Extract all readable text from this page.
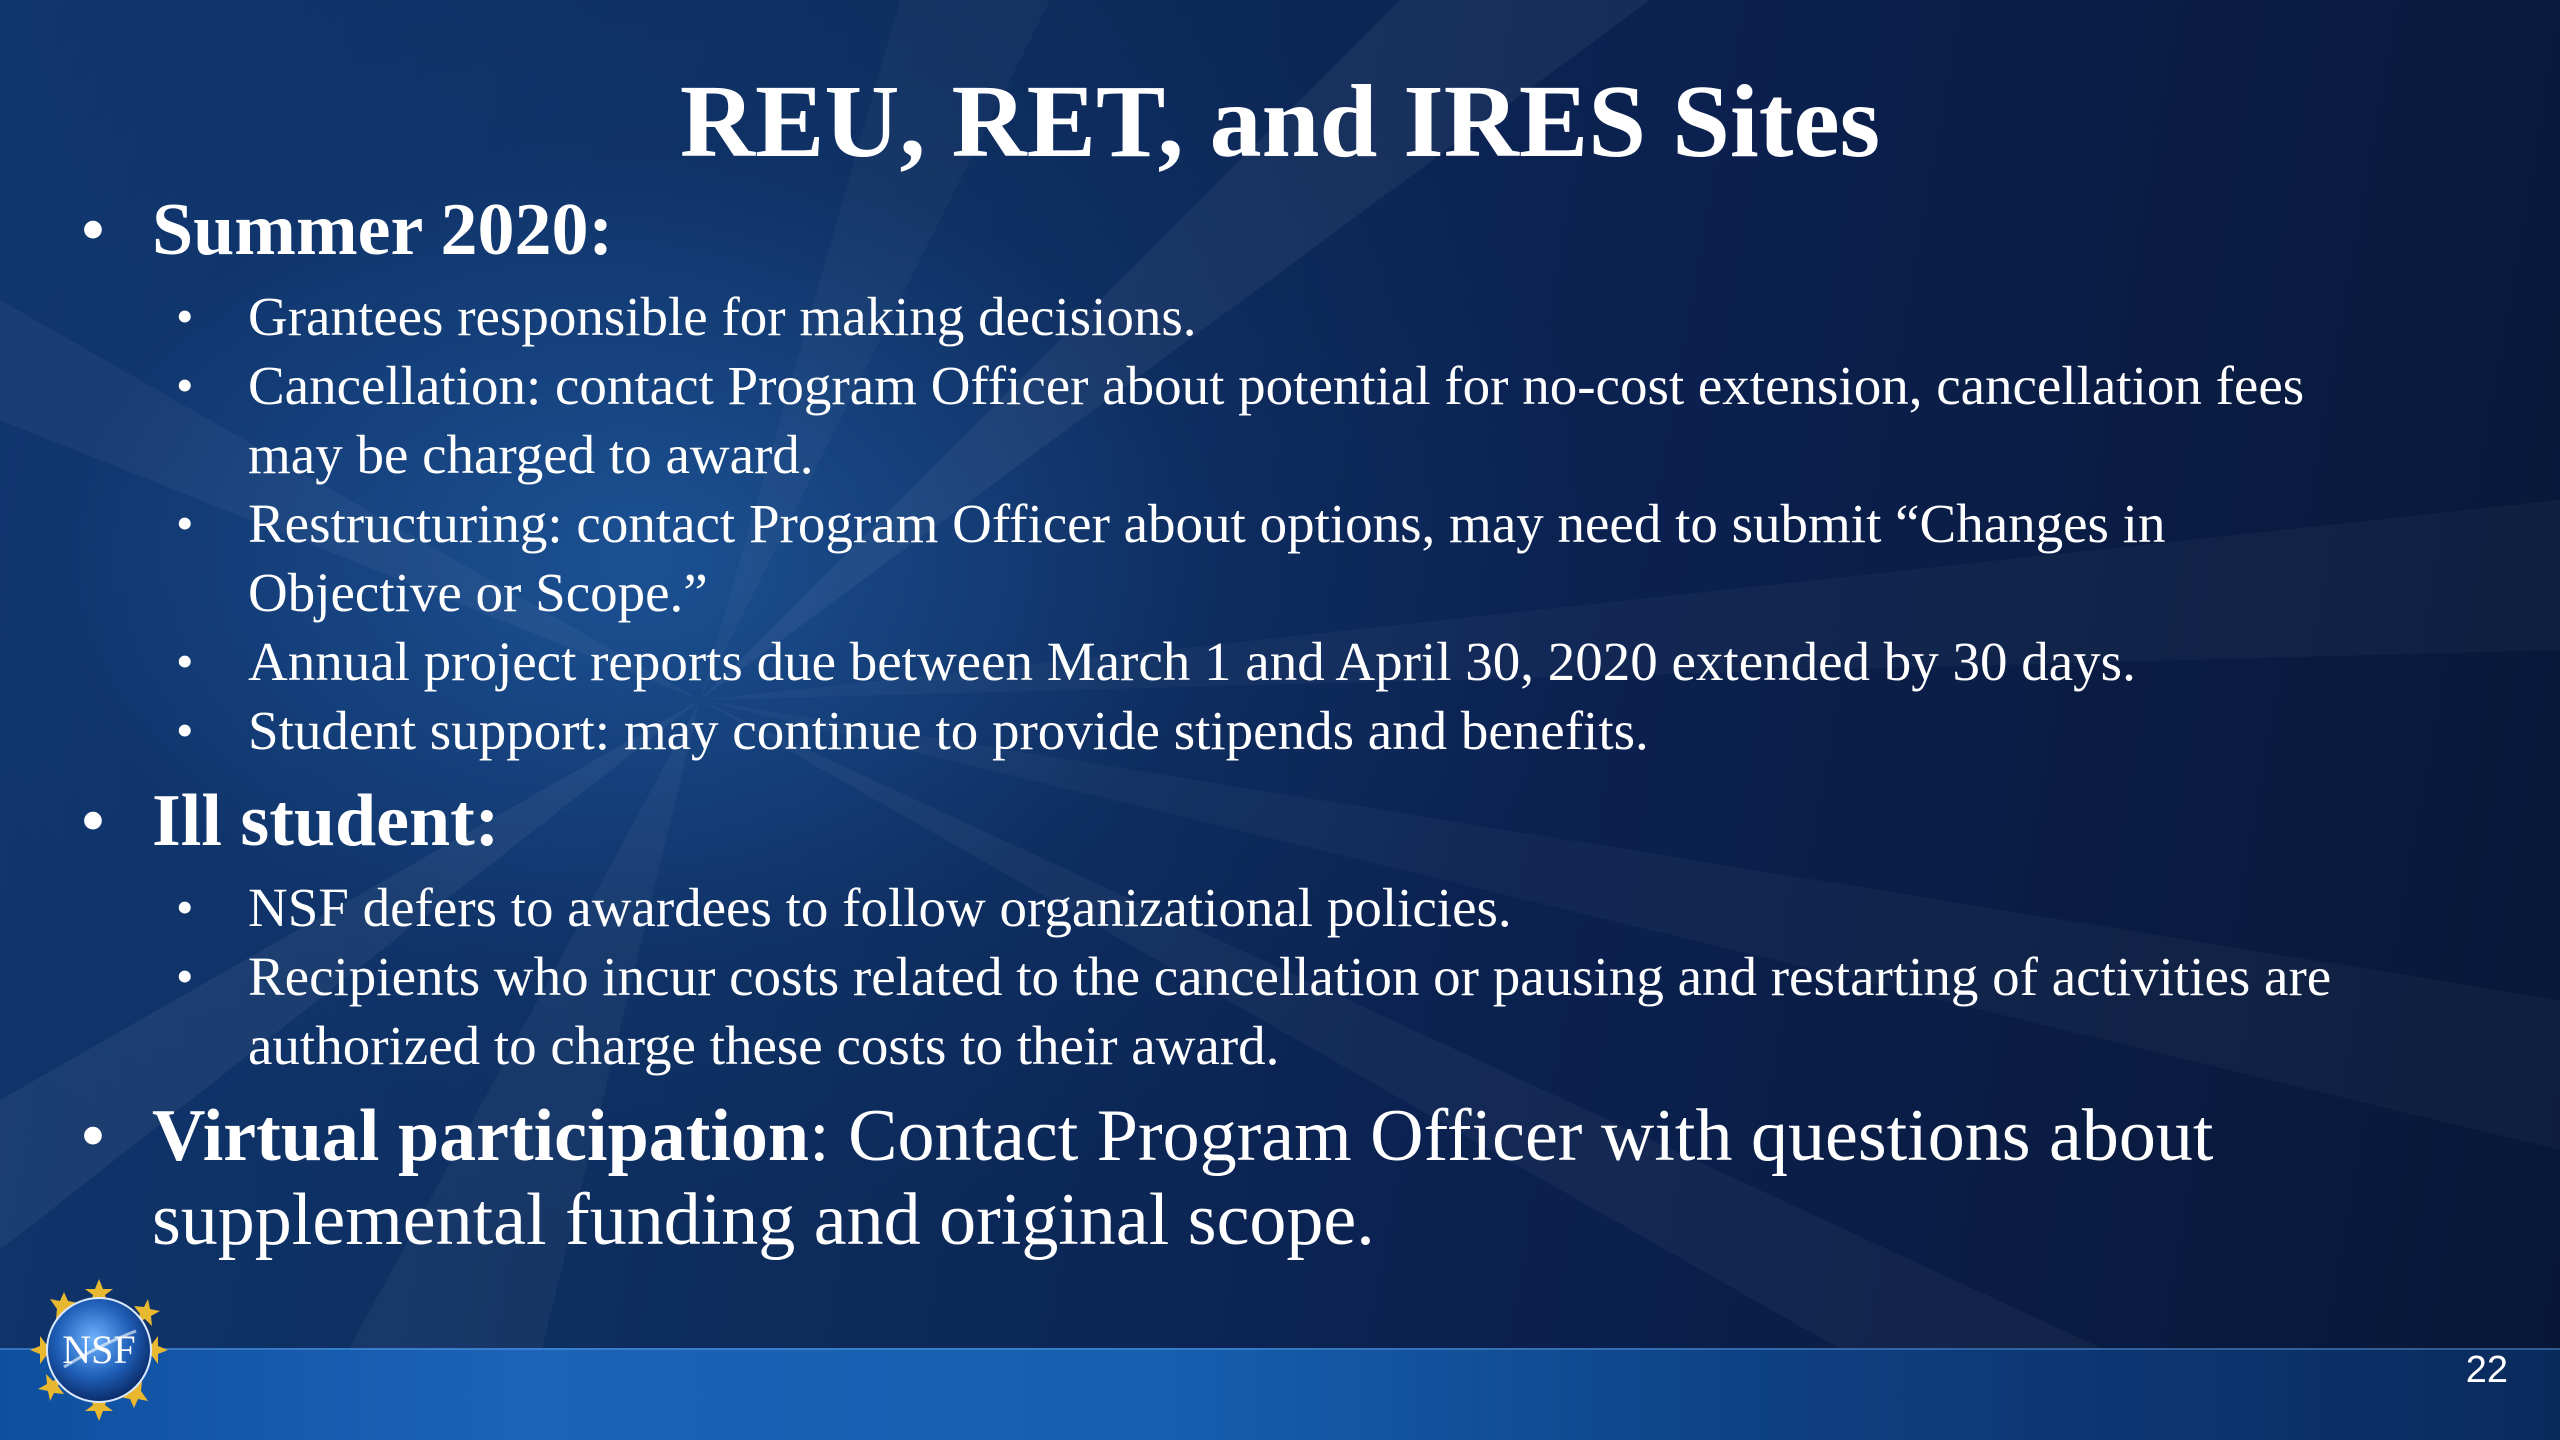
REU, RET, and IRES Sites
• Summer 2020:
• Grantees responsible for making decisions.
• Cancellation: contact Program Officer about potential for no-cost extension, cancellation fees may be charged to award.
• Restructuring: contact Program Officer about options, may need to submit “Changes in Objective or Scope.”
• Annual project reports due between March 1 and April 30, 2020 extended by 30 days.
• Student support: may continue to provide stipends and benefits.
• Ill student:
• NSF defers to awardees to follow organizational policies.
• Recipients who incur costs related to the cancellation or pausing and restarting of activities are authorized to charge these costs to their award.
• Virtual participation: Contact Program Officer with questions about supplemental funding and original scope.
NSF	22
